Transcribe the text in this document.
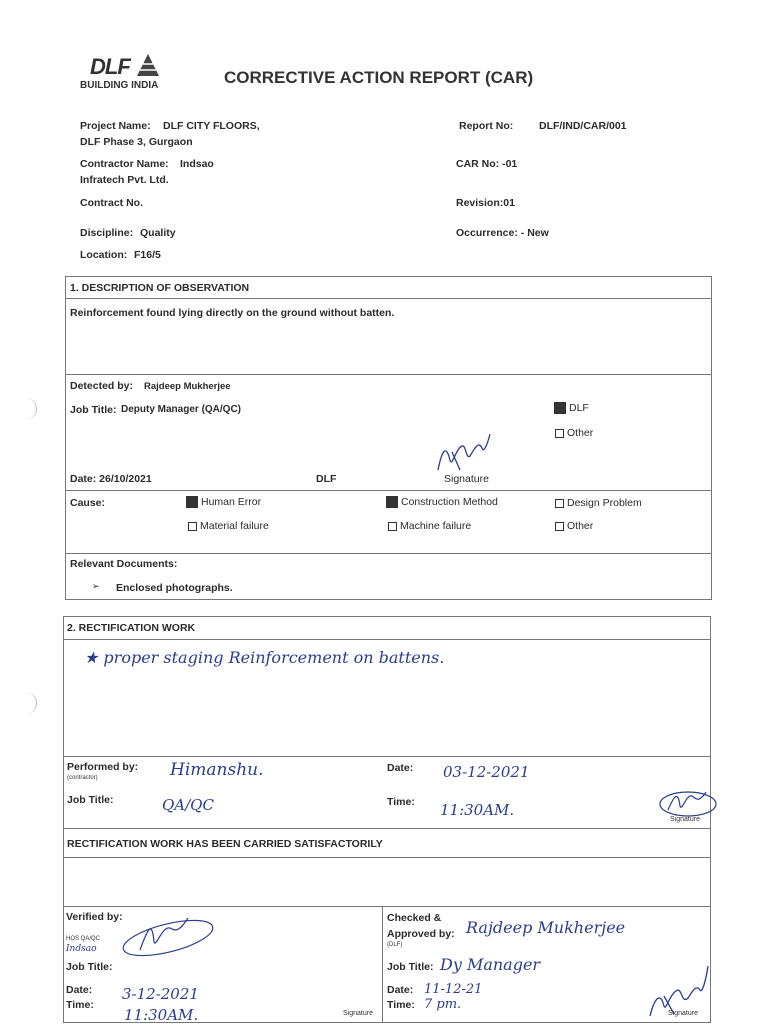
DLF
BUILDING INDIA	CORRECTIVE ACTION REPORT (CAR)
Project Name: DLF CITY FLOORS,
DLF Phase 3, Gurgaon
Contractor Name: Indsao
Infratech Pvt. Ltd.
Contract No.
Discipline: Quality
Location: F16/5
Report No: DLF/IND/CAR/001
CAR No: -01
Revision:01
Occurrence: - New
1. DESCRIPTION OF OBSERVATION
Reinforcement found lying directly on the ground without batten.
Detected by: Rajdeep Mukherjee
Job Title: Deputy Manager (QA/QC)	DLF
Other
Date: 26/10/2021	DLF	Signature
Cause:	Human Error	Construction Method	Design Problem
Material failure	Machine failure	Other
Relevant Documents:
➢ Enclosed photographs.
2. RECTIFICATION WORK
★ proper staging Reinforcement on battens.
Performed by:
(contractor)	Himanshu.
Job Title:	QA/QC
Date: 03-12-2021
Time: 11:30AM.
Signature
RECTIFICATION WORK HAS BEEN CARRIED SATISFACTORILY
Verified by:
HOS QA/QC
Indsao
Job Title:
Date: 3-12-2021
Time:
11:30AM.	Signature
Checked &
Approved by:
(DLF)
Rajdeep Mukherjee
Job Title: Dy Manager
Date: 11-12-21
Time: 7 pm.
Signature
